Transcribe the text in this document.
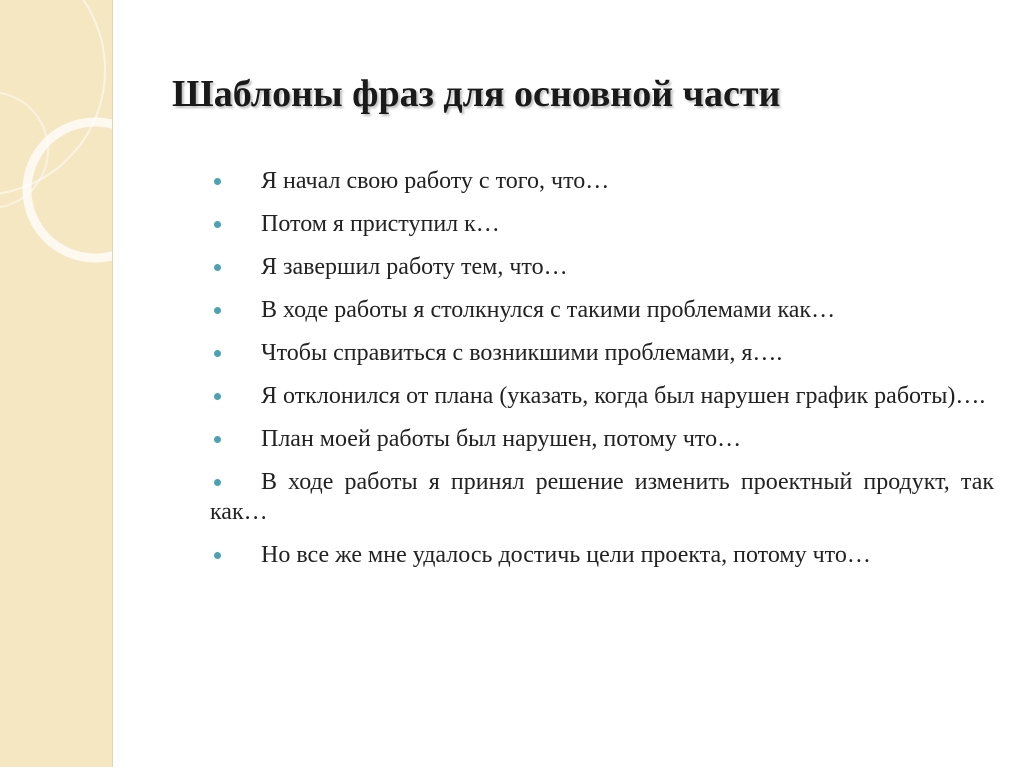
Шаблоны фраз для основной части
Я начал свою работу с того, что…
Потом я приступил к…
Я завершил работу тем, что…
В ходе работы я столкнулся с такими проблемами как…
Чтобы справиться с возникшими проблемами, я….
Я отклонился от плана (указать, когда был нарушен график работы)….
План моей работы был нарушен, потому что…
В ходе работы я принял решение изменить проектный продукт, так как…
Но все же мне удалось достичь цели проекта, потому что…
